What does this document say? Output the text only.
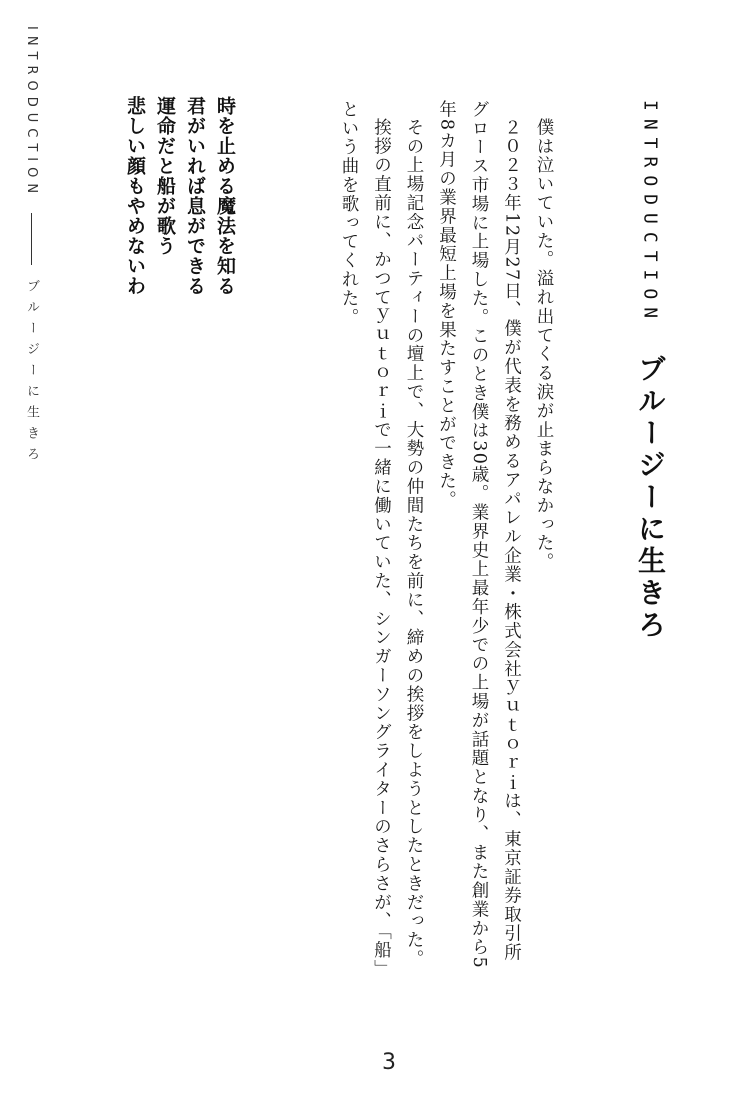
INTRODUCTION
ブルージーに生きろ
時を止める魔法を知る
君がいれば息ができる
運命だと船が歌う
悲しい顔もやめないわ	INTRODUCTION
ブルージーに生きろ

僕は泣いていた。溢れ出てくる涙が止まらなかった。

２０２３年12月27日、僕が代表を務めるアパレル企業・株式会社ｙｕｔｏｒｉは、東京証券取引所グロース市場に上場した。このとき僕は30歳。業界史上最年少での上場が話題となり、また創業から5年8カ月の業界最短上場を果たすことができた。

その上場記念パーティーの壇上で、大勢の仲間たちを前に、締めの挨拶をしようとしたときだった。

挨拶の直前に、かつてｙｕｔｏｒｉで一緒に働いていた、シンガーソングライターのさらさが、「船」という曲を歌ってくれた。

3
